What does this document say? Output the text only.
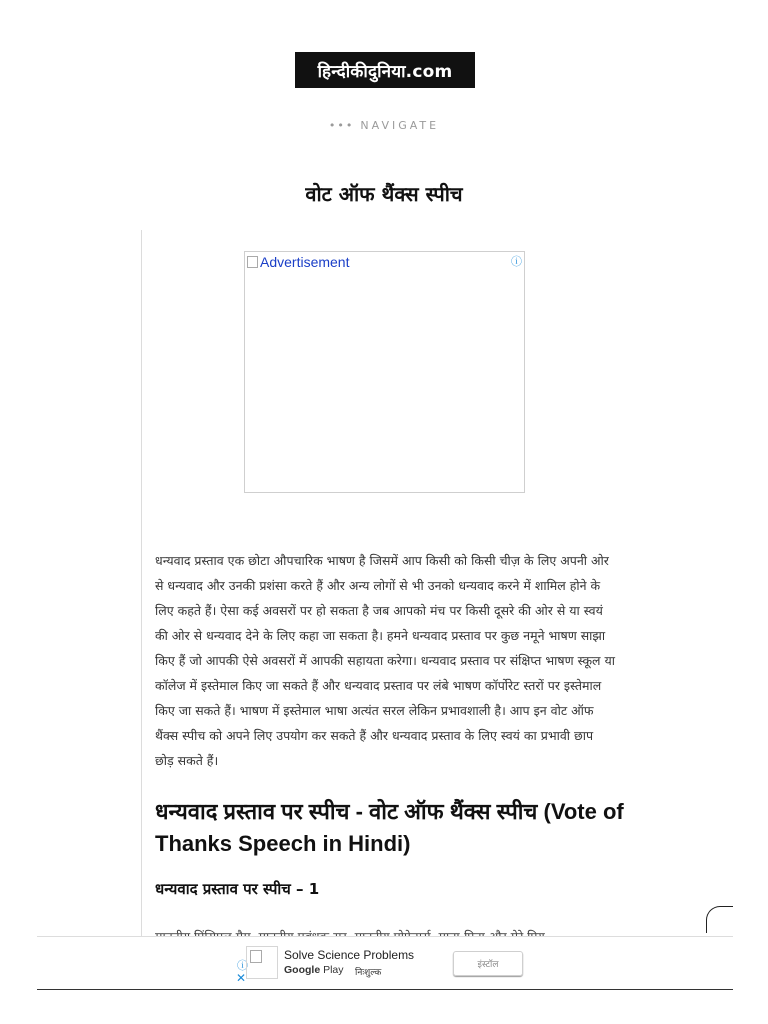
हिन्दीकीदुनिया.com
••• NAVIGATE
वोट ऑफ थैंक्स स्पीच
Advertisement	ⓘ

धन्यवाद प्रस्ताव एक छोटा औपचारिक भाषण है जिसमें आप किसी को किसी चीज़ के लिए अपनी ओर से धन्यवाद और उनकी प्रशंसा करते हैं और अन्य लोगों से भी उनको धन्यवाद करने में शामिल होने के लिए कहते हैं। ऐसा कई अवसरों पर हो सकता है जब आपको मंच पर किसी दूसरे की ओर से या स्वयं की ओर से धन्यवाद देने के लिए कहा जा सकता है। हमने धन्यवाद प्रस्ताव पर कुछ नमूने भाषण साझा किए हैं जो आपकी ऐसे अवसरों में आपकी सहायता करेगा। धन्यवाद प्रस्ताव पर संक्षिप्त भाषण स्कूल या कॉलेज में इस्तेमाल किए जा सकते हैं और धन्यवाद प्रस्ताव पर लंबे भाषण कॉर्पोरेट स्तरों पर इस्तेमाल किए जा सकते हैं। भाषण में इस्तेमाल भाषा अत्यंत सरल लेकिन प्रभावशाली है। आप इन वोट ऑफ थैंक्स स्पीच को अपने लिए उपयोग कर सकते हैं और धन्यवाद प्रस्ताव के लिए स्वयं का प्रभावी छाप छोड़ सकते हैं।

धन्यवाद प्रस्ताव पर स्पीच - वोट ऑफ थैंक्स स्पीच (Vote of Thanks Speech in Hindi)
धन्यवाद प्रस्ताव पर स्पीच – 1
ⓘ
✕
Solve Science Problems
Google Play निःशुल्क
इंस्टॉल
